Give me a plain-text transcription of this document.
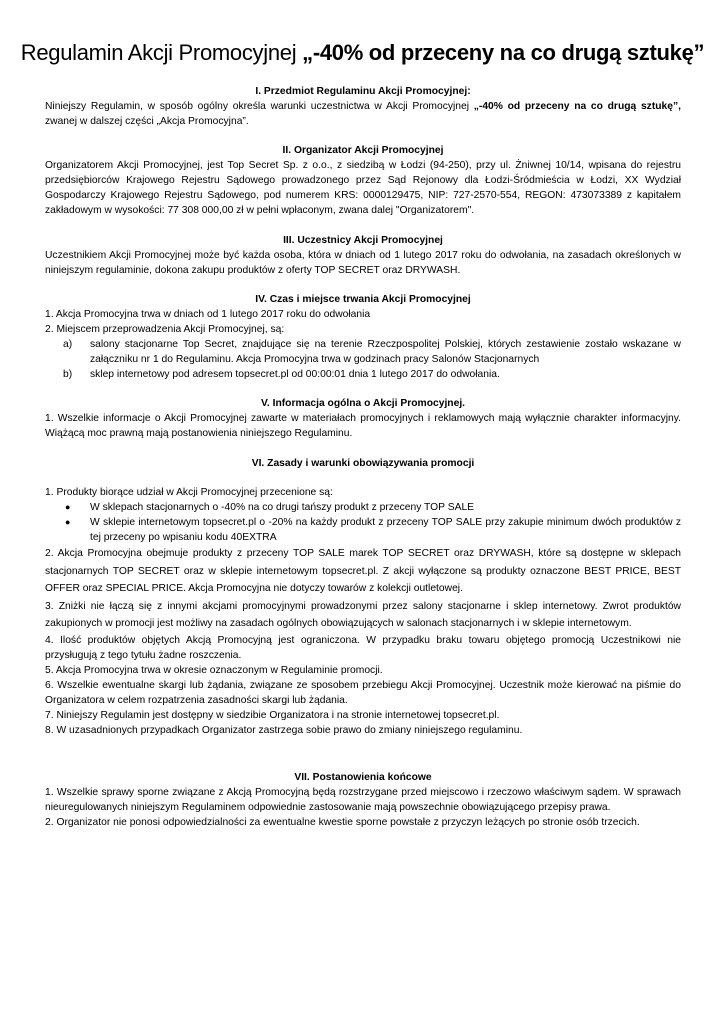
Regulamin Akcji Promocyjnej „-40% od przeceny na co drugą sztukę”
I. Przedmiot Regulaminu Akcji Promocyjnej:

Niniejszy Regulamin, w sposób ogólny określa warunki uczestnictwa w Akcji Promocyjnej „-40% od przeceny na co drugą sztukę”, zwanej w dalszej części „Akcja Promocyjna”.

II. Organizator Akcji Promocyjnej

Organizatorem Akcji Promocyjnej, jest Top Secret Sp. z o.o., z siedzibą w Łodzi (94-250), przy ul. Żniwnej 10/14, wpisana do rejestru przedsiębiorców Krajowego Rejestru Sądowego prowadzonego przez Sąd Rejonowy dla Łodzi-Śródmieścia w Łodzi, XX Wydział Gospodarczy Krajowego Rejestru Sądowego, pod numerem KRS: 0000129475, NIP: 727-2570-554, REGON: 473073389 z kapitałem zakładowym w wysokości: 77 308 000,00 zł w pełni wpłaconym, zwana dalej "Organizatorem".

III. Uczestnicy Akcji Promocyjnej

Uczestnikiem Akcji Promocyjnej może być każda osoba, która w dniach od 1 lutego 2017 roku do odwołania, na zasadach określonych w niniejszym regulaminie, dokona zakupu produktów z oferty TOP SECRET oraz DRYWASH.

IV. Czas i miejsce trwania Akcji Promocyjnej

1. Akcja Promocyjna trwa w dniach od 1 lutego 2017 roku do odwołania

2. Miejscem przeprowadzenia Akcji Promocyjnej, są:

a)	salony stacjonarne Top Secret, znajdujące się na terenie Rzeczpospolitej Polskiej, których zestawienie zostało wskazane w załączniku nr 1 do Regulaminu. Akcja Promocyjna trwa w godzinach pracy Salonów Stacjonarnych
b)	sklep internetowy pod adresem topsecret.pl od 00:00:01 dnia 1 lutego 2017 do odwołania.
V. Informacja ogólna o Akcji Promocyjnej.

1. Wszelkie informacje o Akcji Promocyjnej zawarte w materiałach promocyjnych i reklamowych mają wyłącznie charakter informacyjny. Wiążącą moc prawną mają postanowienia niniejszego Regulaminu.

VI. Zasady i warunki obowiązywania promocji

1. Produkty biorące udział w Akcji Promocyjnej przecenione są:

●	W sklepach stacjonarnych o -40% na co drugi tańszy produkt z przeceny TOP SALE
●	W sklepie internetowym topsecret.pl o -20% na każdy produkt z przeceny TOP SALE przy zakupie minimum dwóch produktów z tej przeceny po wpisaniu kodu 40EXTRA

2. Akcja Promocyjna obejmuje produkty z przeceny TOP SALE marek TOP SECRET oraz DRYWASH, które są dostępne w sklepach stacjonarnych TOP SECRET oraz w sklepie internetowym topsecret.pl. Z akcji wyłączone są produkty oznaczone BEST PRICE, BEST OFFER oraz SPECIAL PRICE. Akcja Promocyjna nie dotyczy towarów z kolekcji outletowej.

3. Zniżki nie łączą się z innymi akcjami promocyjnymi prowadzonymi przez salony stacjonarne i sklep internetowy. Zwrot produktów zakupionych w promocji jest możliwy na zasadach ogólnych obowiązujących w salonach stacjonarnych i w sklepie internetowym.

4. Ilość produktów objętych Akcją Promocyjną jest ograniczona. W przypadku braku towaru objętego promocją Uczestnikowi nie przysługują z tego tytułu żadne roszczenia.

5. Akcja Promocyjna trwa w okresie oznaczonym w Regulaminie promocji.

6. Wszelkie ewentualne skargi lub żądania, związane ze sposobem przebiegu Akcji Promocyjnej. Uczestnik może kierować na piśmie do Organizatora w celem rozpatrzenia zasadności skargi lub żądania.

7. Niniejszy Regulamin jest dostępny w siedzibie Organizatora i na stronie internetowej topsecret.pl.

8. W uzasadnionych przypadkach Organizator zastrzega sobie prawo do zmiany niniejszego regulaminu.

VII. Postanowienia końcowe

1. Wszelkie sprawy sporne związane z Akcją Promocyjną będą rozstrzygane przed miejscowo i rzeczowo właściwym sądem. W sprawach nieuregulowanych niniejszym Regulaminem odpowiednie zastosowanie mają powszechnie obowiązującego przepisy prawa.

2. Organizator nie ponosi odpowiedzialności za ewentualne kwestie sporne powstałe z przyczyn leżących po stronie osób trzecich.
